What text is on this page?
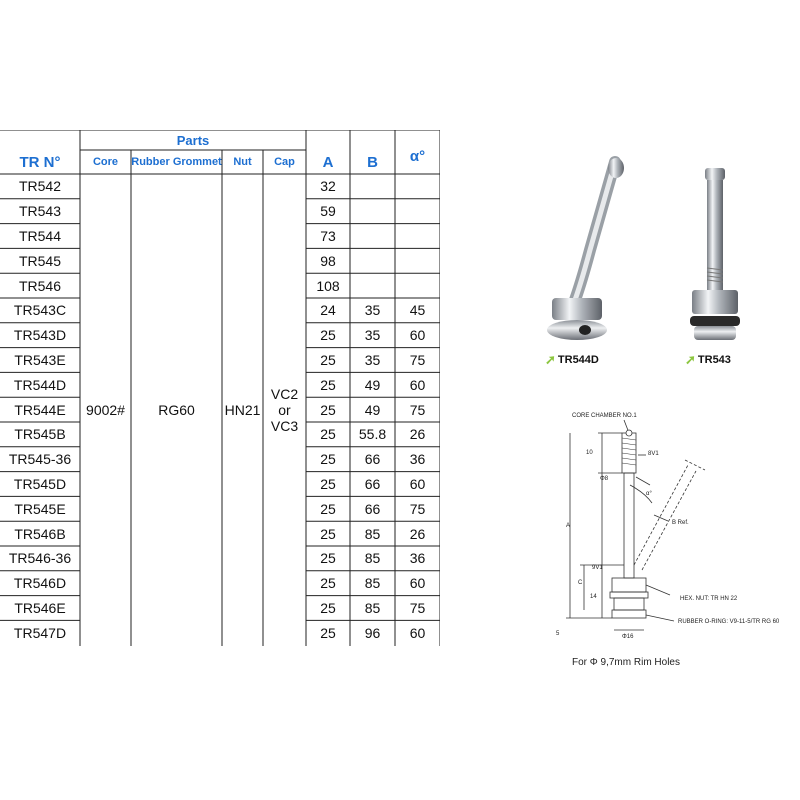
TR N°
Parts
Core	Rubber Grommet	Nut	Cap	A	B	α°
9002#	RG60	HN21
VC2
or
VC3
TR542	32
TR543	59
TR544	73
TR545	98
TR546	108
TR543C	24	35	45
TR543D	25	35	60
TR543E	25	35	75
TR544D	25	49	60
TR544E	25	49	75
TR545B	25	55.8	26
TR545-36	25	66	36
TR545D	25	66	60
TR545E	25	66	75
TR546B	25	85	26
TR546-36	25	85	36
TR546D	25	85	60
TR546E	25	85	75
TR547D	25	96	60
➚ TR544D	➚ TR543
CORE CHAMBER NO.1
10	8V1
Φ8
α°
B Ref.
A
9V1
C
14	HEX. NUT: TR HN 22
5	Φ16
RUBBER O-RING: V9-11-5/TR RG 60
For Φ 9,7mm Rim Holes
